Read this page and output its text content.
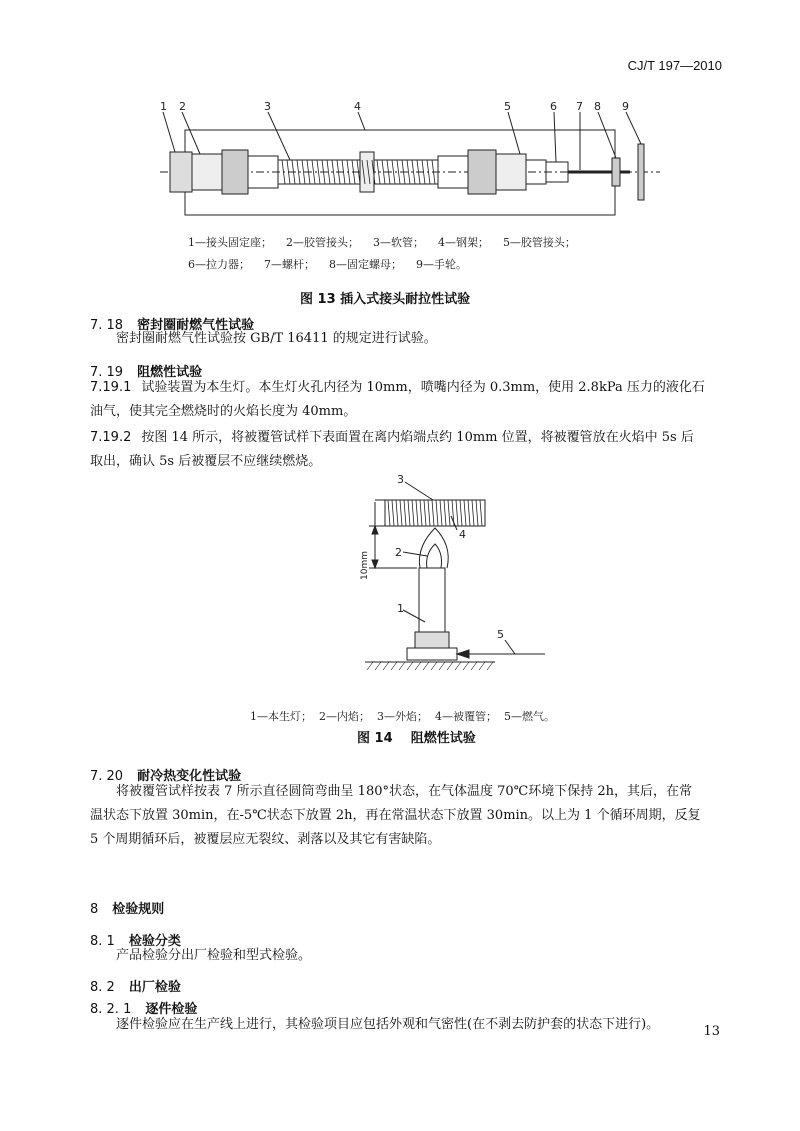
CJ/T 197—2010
1 2	3	4	5	6 7 8 9
1—接头固定座；    2—胶管接头；    3—软管；    4—钢架；    5—胶管接头；
6—拉力器；    7—螺杆；    8—固定螺母；    9—手轮。
图 13 插入式接头耐拉性试验
7. 18 密封圈耐燃气性试验
密封圈耐燃气性试验按 GB/T 16411 的规定进行试验。
7. 19 阻燃性试验
7.19.1 试验装置为本生灯。本生灯火孔内径为 10mm，喷嘴内径为 0.3mm，使用 2.8kPa 压力的液化石
油气，使其完全燃烧时的火焰长度为 40mm。
7.19.2 按图 14 所示，将被覆管试样下表面置在离内焰端点约 10mm 位置，将被覆管放在火焰中 5s 后
取出，确认 5s 后被覆层不应继续燃烧。
3
4
2
1
5
10mm
1—本生灯；  2—内焰；  3—外焰；  4—被覆管；  5—燃气。
图 14    阻燃性试验
7. 20 耐冷热变化性试验
将被覆管试样按表 7 所示直径圆筒弯曲呈 180°状态，在气体温度 70℃环境下保持 2h，其后，在常
温状态下放置 30min，在-5℃状态下放置 2h，再在常温状态下放置 30min。以上为 1 个循环周期，反复
5 个周期循环后，被覆层应无裂纹、剥落以及其它有害缺陷。
8 检验规则
8. 1 检验分类
产品检验分出厂检验和型式检验。
8. 2 出厂检验
8. 2. 1 逐件检验
逐件检验应在生产线上进行，其检验项目应包括外观和气密性(在不剥去防护套的状态下进行)。	13
